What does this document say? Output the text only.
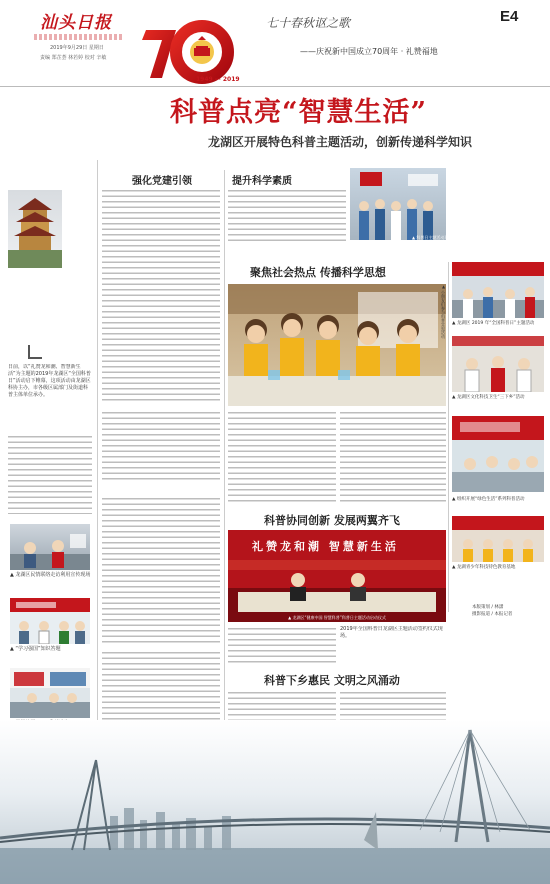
汕头日报
2019年9月29日 星期日
责编 郑芷荟 林若婷 校对 辛敏
1949 — 2019
七十春秋讴之歌
——庆祝新中国成立70周年 · 礼赞福地
E4
科普点亮“智慧生活”
龙湖区开展特色科普主题活动，创新传递科学知识
日前，以“礼赞龙和潮、智慧新生活”为主题的2019年龙湖区“全国科普日”活动启下帷幕，这项活动由龙湖区科协主办，市各级区属部门及街道科普主体单位承办。
▲ 龙湖区民情联络走访利用宣传现场
▲ “学习强国”知识答题
强化党建引领	提升科学素质
▲ 科普日主题活动现场
聚焦社会热点 传播科学思想
▲ 小朋友们参与科普实验活动
科普协同创新 发展两翼齐飞
礼赞龙和潮 智慧新生活
▲ 龙湖区“健康中国 智慧科普”科普日主题活动启动仪式
2019年全国科普日龙湖区主题活动签约仪式现场。
科普下乡惠民 文明之风涌动
▲ 龙湖区 2019 年“全国科普日”主题活动
▲ 龙湖区文化科技卫生“三下乡”活动
▲ 组织开展“绿色生活”系列科普活动
▲ 龙湖青少年科技特色教育基地
本版策划 / 林潇
摄影报道 / 本报记者
